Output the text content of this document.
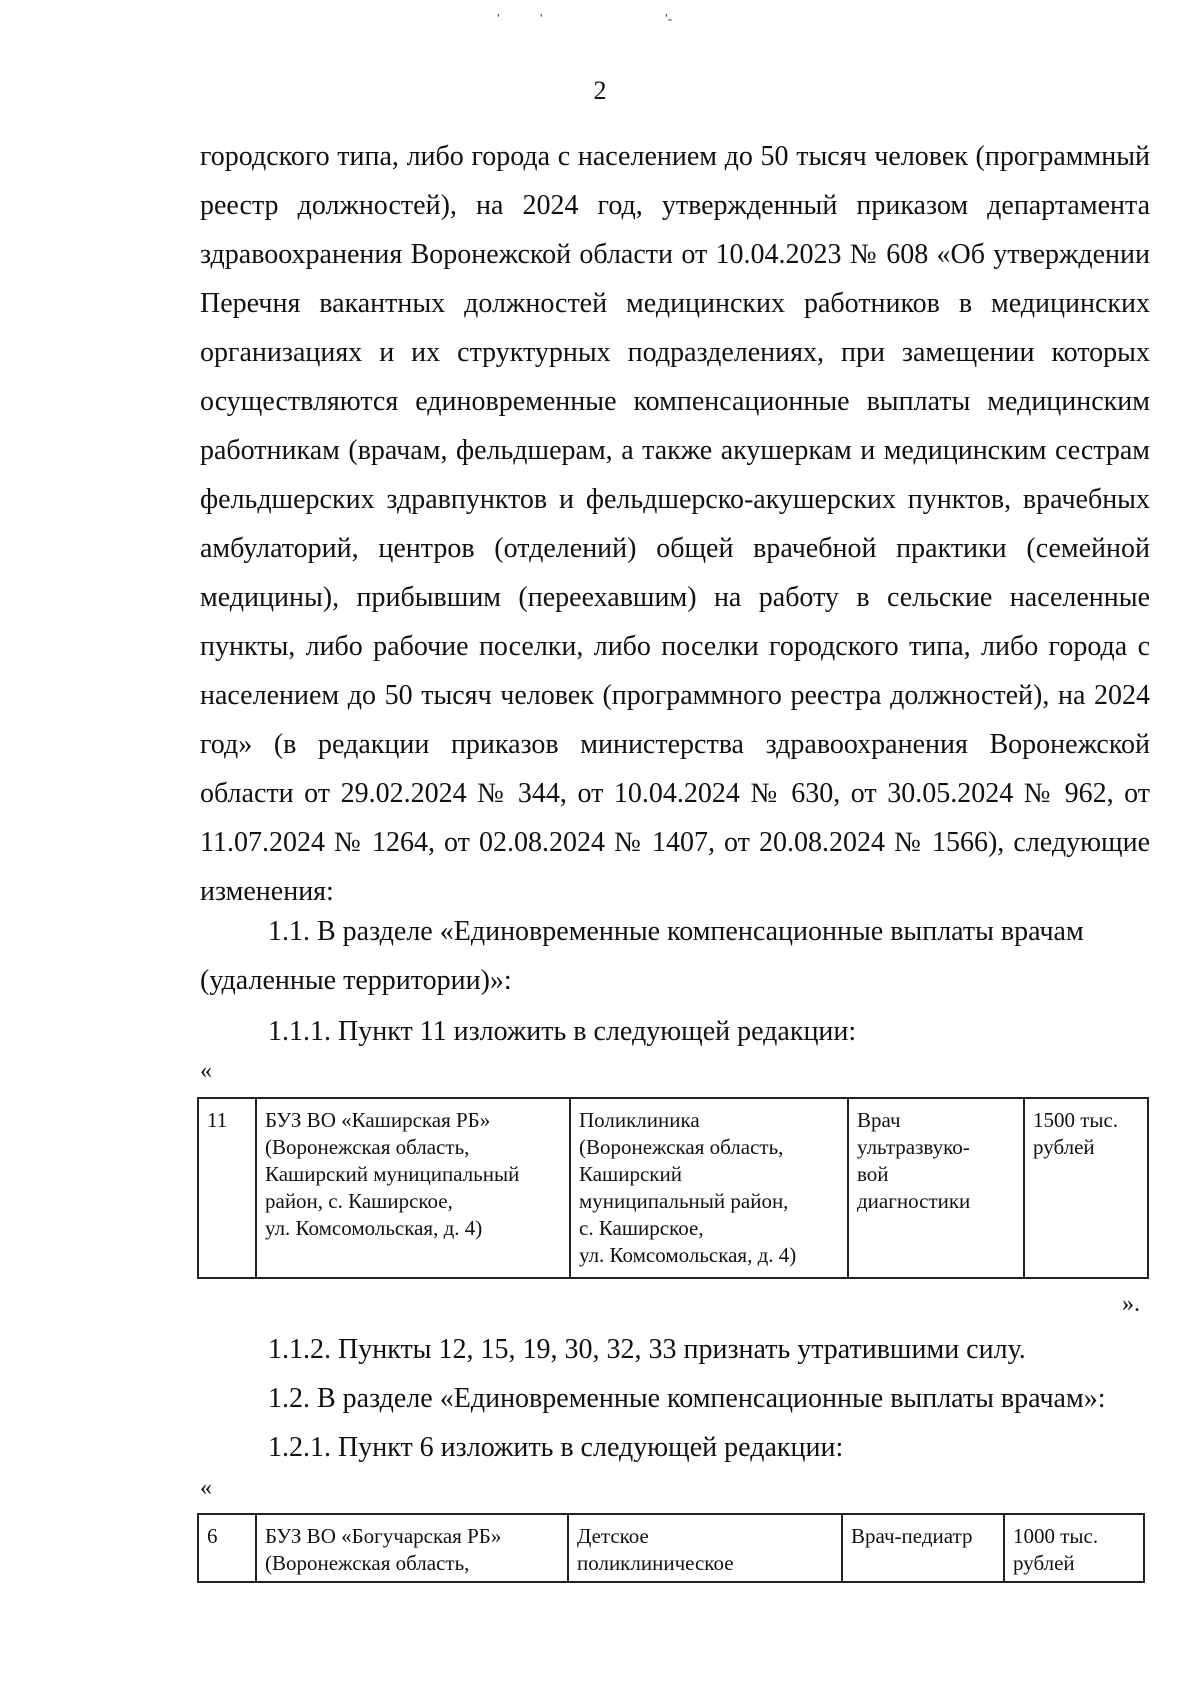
'	'	'‑
2

городского типа, либо города с населением до 50 тысяч человек (программный реестр должностей), на 2024 год, утвержденный приказом департамента здравоохранения Воронежской области от 10.04.2023 № 608 «Об утверждении Перечня вакантных должностей медицинских работников в медицинских организациях и их структурных подразделениях, при замещении которых осуществляются единовременные компенсационные выплаты медицинским работникам (врачам, фельдшерам, а также акушеркам и медицинским сестрам фельдшерских здравпунктов и фельдшерско-акушерских пунктов, врачебных амбулаторий, центров (отделений) общей врачебной практики (семейной медицины), прибывшим (переехавшим) на работу в сельские населенные пункты, либо рабочие поселки, либо поселки городского типа, либо города с населением до 50 тысяч человек (программного реестра должностей), на 2024 год» (в редакции приказов министерства здравоохранения Воронежской области от 29.02.2024 № 344, от 10.04.2024 № 630, от 30.05.2024 № 962, от 11.07.2024 № 1264, от 02.08.2024 № 1407, от 20.08.2024 № 1566), следующие изменения:

1.1. В разделе «Единовременные компенсационные выплаты врачам
(удаленные территории)»:
1.1.1. Пункт 11 изложить в следующей редакции:
«
11	БУЗ ВО «Каширская РБ»
(Воронежская область,
Каширский муниципальный
район, с. Каширское,
ул. Комсомольская, д. 4)	Поликлиника
(Воронежская область,
Каширский
муниципальный район,
с. Каширское,
ул. Комсомольская, д. 4)	Врач
ультразвуко-
вой
диагностики	1500 тыс.
рублей
».
1.1.2. Пункты 12, 15, 19, 30, 32, 33 признать утратившими силу.
1.2. В разделе «Единовременные компенсационные выплаты врачам»:
1.2.1. Пункт 6 изложить в следующей редакции:
«
6	БУЗ ВО «Богучарская РБ»
(Воронежская область,	Детское
поликлиническое	Врач-педиатр	1000 тыс.
рублей
